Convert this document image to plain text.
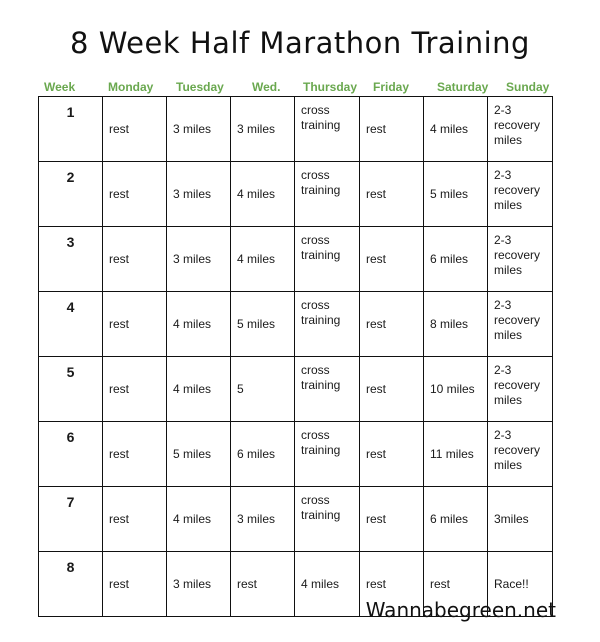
8 Week Half Marathon Training
Week	Monday Tuesday Wed. Thursday Friday Saturday Sunday
1	rest	3 miles	3 miles	cross training	rest	4 miles	2-3 recovery miles
2	rest	3 miles	4 miles	cross training	rest	5 miles	2-3 recovery miles
3	rest	3 miles	4 miles	cross training	rest	6 miles	2-3 recovery miles
4	rest	4 miles	5 miles	cross training	rest	8 miles	2-3 recovery miles
5	rest	4 miles	5	cross training	rest	10 miles	2-3 recovery miles
6	rest	5 miles	6 miles	cross training	rest	11 miles	2-3 recovery miles
7	rest	4 miles	3 miles	cross training	rest	6 miles	3miles
8	rest	3 miles	rest	4 miles	rest	rest	Race!!
Wannabegreen.net
